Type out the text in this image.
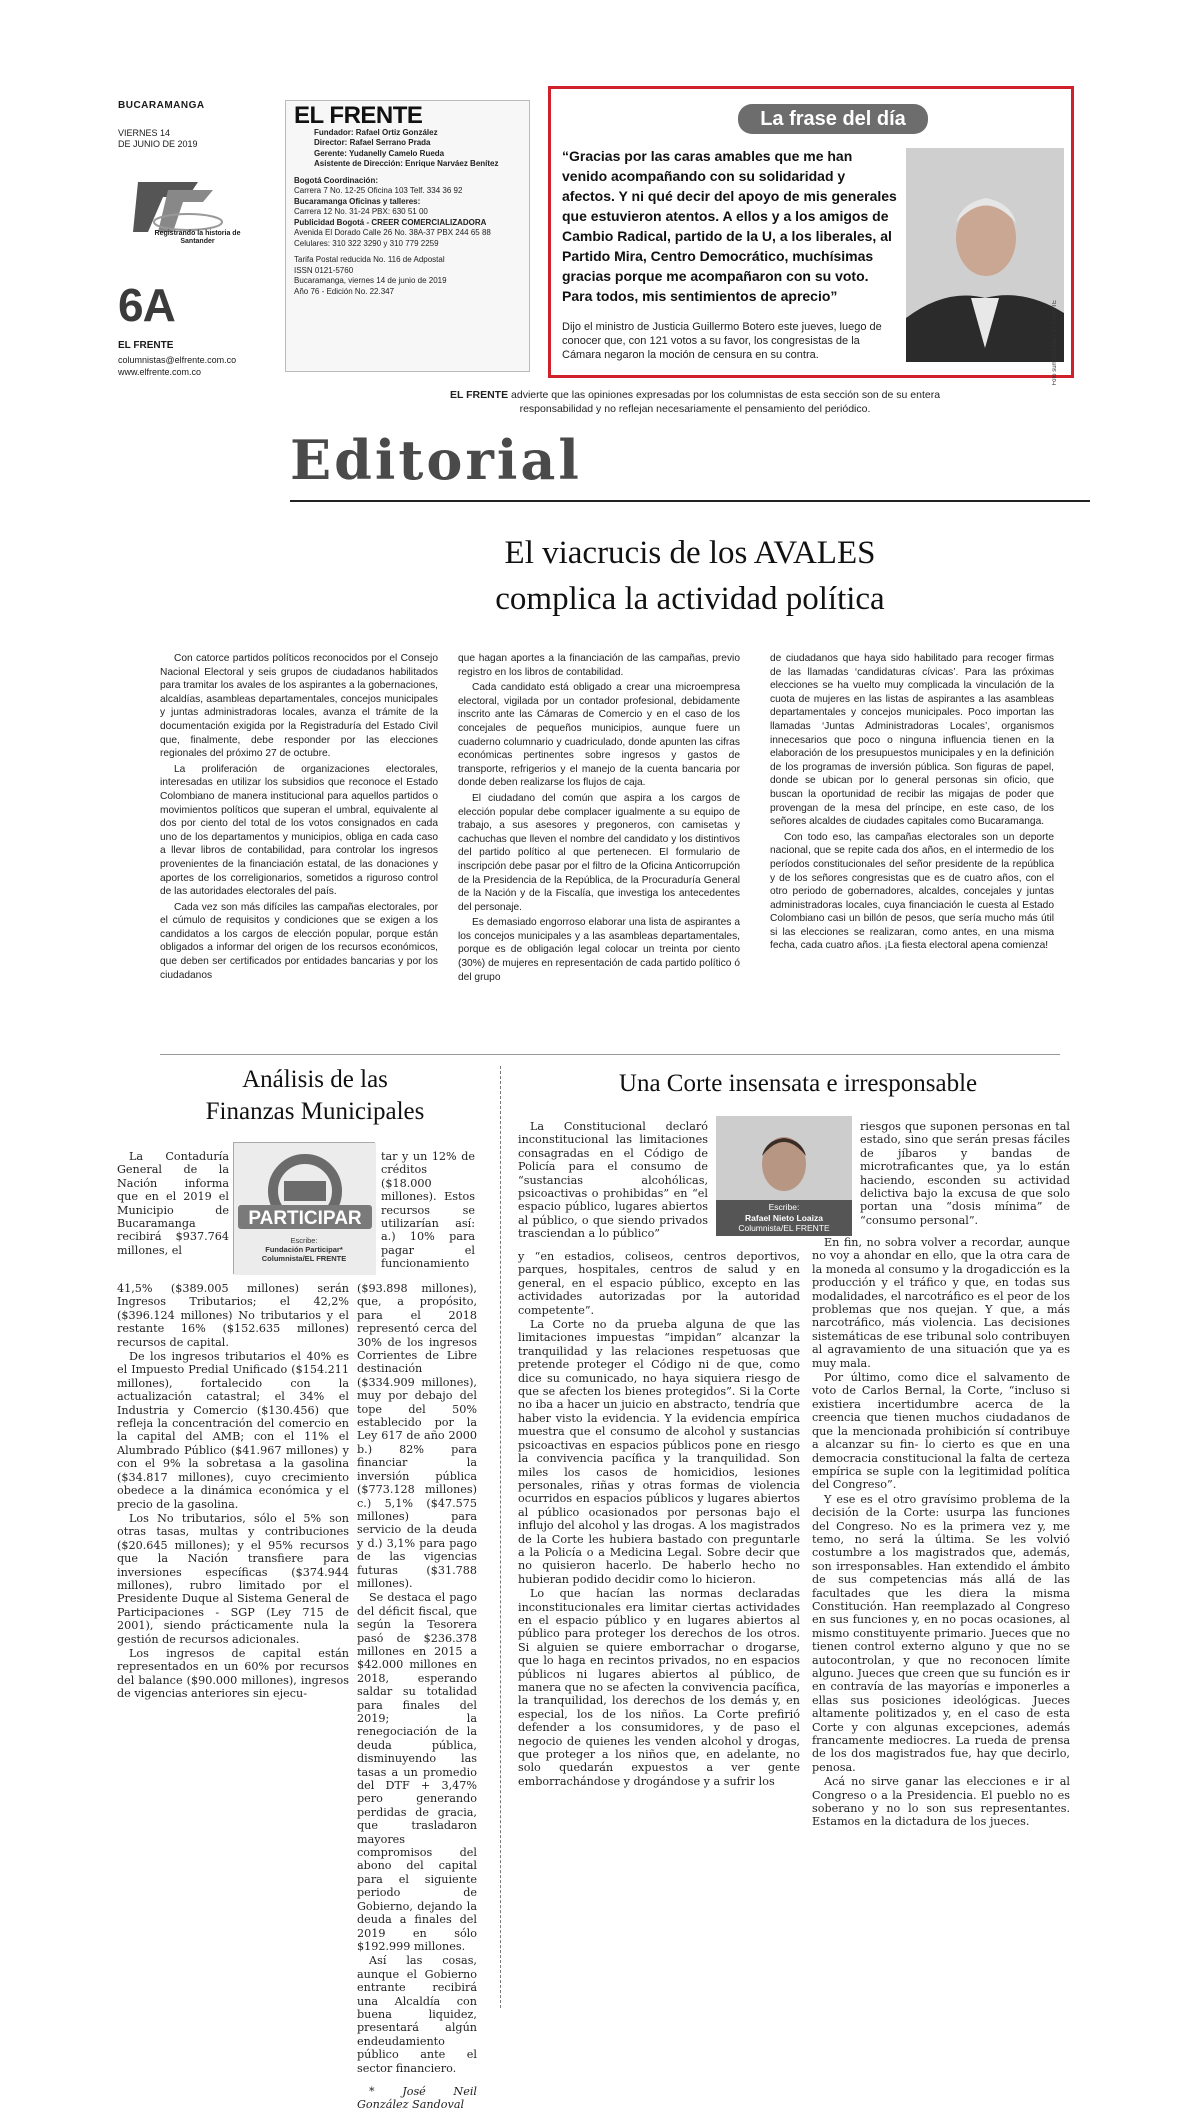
BUCARAMANGA
VIERNES 14
DE JUNIO DE 2019
Registrando la historia de Santander
6A
EL FRENTE
columnistas@elfrente.com.co
www.elfrente.com.co
EL FRENTE
Fundador: Rafael Ortiz González
Director: Rafael Serrano Prada
Gerente: Yudanelly Camelo Rueda
Asistente de Dirección: Enrique Narváez Benítez
Bogotá Coordinación:
Carrera 7 No. 12-25 Oficina 103 Telf. 334 36 92
Bucaramanga Oficinas y talleres:
Carrera 12 No. 31-24 PBX: 630 51 00
Publicidad Bogotá - CREER COMERCIALIZADORA
Avenida El Dorado Calle 26 No. 38A-37 PBX 244 65 88
Celulares: 310 322 3290 y 310 779 2259
Tarifa Postal reducida No. 116 de Adpostal
ISSN 0121-5760
Bucaramanga, viernes 14 de junio de 2019
Año 76 - Edición No. 22.347
La frase del día
“Gracias por las caras amables que me han venido acompañando con su solidaridad y afectos. Y ni qué decir del apoyo de mis generales que estuvieron atentos. A ellos y a los amigos de Cambio Radical, partido de la U, a los liberales, al Partido Mira, Centro Democrático, muchísimas gracias porque me acompañaron con su voto. Para todos, mis sentimientos de aprecio”
Dijo el ministro de Justicia Guillermo Botero este jueves, luego de conocer que, con 121 votos a su favor, los congresistas de la Cámara negaron la moción de censura en su contra.	Foto suministrada / EL FRENTE
EL FRENTE advierte que las opiniones expresadas por los columnistas de esta sección son de su entera responsabilidad y no reflejan necesariamente el pensamiento del periódico.
Editorial
El viacrucis de los AVALES
complica la actividad política

Con catorce partidos políticos reconocidos por el Consejo Nacional Electoral y seis grupos de ciudadanos habilitados para tramitar los avales de los aspirantes a la gobernaciones, alcaldías, asambleas departamentales, concejos municipales y juntas administradoras locales, avanza el trámite de la documentación exigida por la Registraduría del Estado Civil que, finalmente, debe responder por las elecciones regionales del próximo 27 de octubre.

La proliferación de organizaciones electorales, interesadas en utilizar los subsidios que reconoce el Estado Colombiano de manera institucional para aquellos partidos o movimientos políticos que superan el umbral, equivalente al dos por ciento del total de los votos consignados en cada uno de los departamentos y municipios, obliga en cada caso a llevar libros de contabilidad, para controlar los ingresos provenientes de la financiación estatal, de las donaciones y aportes de los correligionarios, sometidos a riguroso control de las autoridades electorales del país.

Cada vez son más difíciles las campañas electorales, por el cúmulo de requisitos y condiciones que se exigen a los candidatos a los cargos de elección popular, porque están obligados a informar del origen de los recursos económicos, que deben ser certificados por entidades bancarias y por los ciudadanos

que hagan aportes a la financiación de las campañas, previo registro en los libros de contabilidad.

Cada candidato está obligado a crear una microempresa electoral, vigilada por un contador profesional, debidamente inscrito ante las Cámaras de Comercio y en el caso de los concejales de pequeños municipios, aunque fuere un cuaderno columnario y cuadriculado, donde apunten las cifras económicas pertinentes sobre ingresos y gastos de transporte, refrigerios y el manejo de la cuenta bancaria por donde deben realizarse los flujos de caja.

El ciudadano del común que aspira a los cargos de elección popular debe complacer igualmente a su equipo de trabajo, a sus asesores y pregoneros, con camisetas y cachuchas que lleven el nombre del candidato y los distintivos del partido político al que pertenecen. El formulario de inscripción debe pasar por el filtro de la Oficina Anticorrupción de la Presidencia de la República, de la Procuraduría General de la Nación y de la Fiscalía, que investiga los antecedentes del personaje.

Es demasiado engorroso elaborar una lista de aspirantes a los concejos municipales y a las asambleas departamentales, porque es de obligación legal colocar un treinta por ciento (30%) de mujeres en representación de cada partido político ó del grupo

de ciudadanos que haya sido habilitado para recoger firmas de las llamadas ‘candidaturas cívicas’. Para las próximas elecciones se ha vuelto muy complicada la vinculación de la cuota de mujeres en las listas de aspirantes a las asambleas departamentales y concejos municipales. Poco importan las llamadas ‘Juntas Administradoras Locales’, organismos innecesarios que poco o ninguna influencia tienen en la elaboración de los presupuestos municipales y en la definición de los programas de inversión pública. Son figuras de papel, donde se ubican por lo general personas sin oficio, que buscan la oportunidad de recibir las migajas de poder que provengan de la mesa del príncipe, en este caso, de los señores alcaldes de ciudades capitales como Bucaramanga.

Con todo eso, las campañas electorales son un deporte nacional, que se repite cada dos años, en el intermedio de los períodos constitucionales del señor presidente de la república y de los señores congresistas que es de cuatro años, con el otro periodo de gobernadores, alcaldes, concejales y juntas administradoras locales, cuya financiación le cuesta al Estado Colombiano casi un billón de pesos, que sería mucho más útil si las elecciones se realizaran, como antes, en una misma fecha, cada cuatro años. ¡La fiesta electoral apena comienza!

Análisis de las
Finanzas Municipales
PARTICIPAR
Escribe:
Fundación Participar*
Columnista/EL FRENTE

La Contaduría General de la Nación informa que en el 2019 el Municipio de Bucaramanga recibirá $937.764 millones, el

41,5% ($389.005 millones) serán Ingresos Tributarios; el 42,2% ($396.124 millones) No tributarios y el restante 16% ($152.635 millones) recursos de capital.

De los ingresos tributarios el 40% es el Impuesto Predial Unificado ($154.211 millones), fortalecido con la actualización catastral; el 34% el Industria y Comercio ($130.456) que refleja la concentración del comercio en la capital del AMB; con el 11% el Alumbrado Público ($41.967 millones) y con el 9% la sobretasa a la gasolina ($34.817 millones), cuyo crecimiento obedece a la dinámica económica y el precio de la gasolina.

Los No tributarios, sólo el 5% son otras tasas, multas y contribuciones ($20.645 millones); y el 95% recursos que la Nación transfiere para inversiones específicas ($374.944 millones), rubro limitado por el Presidente Duque al Sistema General de Participaciones - SGP (Ley 715 de 2001), siendo prácticamente nula la gestión de recursos adicionales.

Los ingresos de capital están representados en un 60% por recursos del balance ($90.000 millones), ingresos de vigencias anteriores sin ejecu-

tar y un 12% de créditos ($18.000 millones). Estos recursos se utilizarían así: a.) 10% para pagar el funcionamiento

Una Corte insensata e irresponsable
Escribe:
Rafael Nieto Loaiza
Columnista/EL FRENTE

La Constitucional declaró inconstitucional las limitaciones consagradas en el Código de Policía para el consumo de “sustancias alcohólicas, psicoactivas o prohibidas” en “el espacio público, lugares abiertos al público, o que siendo privados trasciendan a lo público”

y “en estadios, coliseos, centros deportivos, parques, hospitales, centros de salud y en general, en el espacio público, excepto en las actividades autorizadas por la autoridad competente”.

La Corte no da prueba alguna de que las limitaciones impuestas “impidan” alcanzar la tranquilidad y las relaciones respetuosas que pretende proteger el Código ni de que, como dice su comunicado, no haya siquiera riesgo de que se afecten los bienes protegidos”. Si la Corte no iba a hacer un juicio en abstracto, tendría que haber visto la evidencia. Y la evidencia empírica muestra que el consumo de alcohol y sustancias psicoactivas en espacios públicos pone en riesgo la convivencia pacífica y la tranquilidad. Son miles los casos de homicidios, lesiones personales, riñas y otras formas de violencia ocurridos en espacios públicos y lugares abiertos al público ocasionados por personas bajo el influjo del alcohol y las drogas. A los magistrados de la Corte les hubiera bastado con preguntarle a la Policía o a Medicina Legal. Sobre decir que no quisieron hacerlo. De haberlo hecho no hubieran podido decidir como lo hicieron.

Lo que hacían las normas declaradas inconstitucionales era limitar ciertas actividades en el espacio público y en lugares abiertos al público para proteger los derechos de los otros. Si alguien se quiere emborrachar o drogarse, que lo haga en recintos privados, no en espacios públicos ni lugares abiertos al público, de manera que no se afecten la convivencia pacífica, la tranquilidad, los derechos de los demás y, en especial, los de los niños. La Corte prefirió defender a los consumidores, y de paso el negocio de quienes les venden alcohol y drogas, que proteger a los niños que, en adelante, no solo quedarán expuestos a ver gente emborrachándose y drogándose y a sufrir los

riesgos que suponen personas en tal estado, sino que serán presas fáciles de jíbaros y bandas de microtraficantes que, ya lo están haciendo, esconden su actividad delictiva bajo la excusa de que solo portan una “dosis mínima” de “consumo personal”.

En fin, no sobra volver a recordar, aunque no voy a ahondar en ello, que la otra cara de la moneda al consumo y la drogadicción es la producción y el tráfico y que, en todas sus modalidades, el narcotráfico es el peor de los problemas que nos quejan. Y que, a más narcotráfico, más violencia. Las decisiones sistemáticas de ese tribunal solo contribuyen al agravamiento de una situación que ya es muy mala.

Por último, como dice el salvamento de voto de Carlos Bernal, la Corte, “incluso si existiera incertidumbre acerca de la creencia que tienen muchos ciudadanos de que la mencionada prohibición sí contribuye a alcanzar su fin- lo cierto es que en una democracia constitucional la falta de certeza empírica se suple con la legitimidad política del Congreso”.

Y ese es el otro gravísimo problema de la decisión de la Corte: usurpa las funciones del Congreso. No es la primera vez y, me temo, no será la última. Se les volvió costumbre a los magistrados que, además, son irresponsables. Han extendido el ámbito de sus competencias más allá de las facultades que les diera la misma Constitución. Han reemplazado al Congreso en sus funciones y, en no pocas ocasiones, al mismo constituyente primario. Jueces que no tienen control externo alguno y que no se autocontrolan, y que no reconocen límite alguno. Jueces que creen que su función es ir en contravía de las mayorías e imponerles a ellas sus posiciones ideológicas. Jueces altamente politizados y, en el caso de esta Corte y con algunas excepciones, además francamente mediocres. La rueda de prensa de los dos magistrados fue, hay que decirlo, penosa.

Acá no sirve ganar las elecciones e ir al Congreso o a la Presidencia. El pueblo no es soberano y no lo son sus representantes. Estamos en la dictadura de los jueces.

($93.898 millones), que, a propósito, para el 2018 representó cerca del 30% de los ingresos Corrientes de Libre destinación ($334.909 millones), muy por debajo del tope del 50% establecido por la Ley 617 de año 2000 b.) 82% para financiar la inversión pública ($773.128 millones) c.) 5,1% ($47.575 millones) para servicio de la deuda y d.) 3,1% para pago de las vigencias futuras ($31.788 millones).

Se destaca el pago del déficit fiscal, que según la Tesorera pasó de $236.378 millones en 2015 a $42.000 millones en 2018, esperando saldar su totalidad para finales del 2019; la renegociación de la deuda pública, disminuyendo las tasas a un promedio del DTF + 3,47% pero generando perdidas de gracia, que trasladaron mayores compromisos del abono del capital para el siguiente periodo de Gobierno, dejando la deuda a finales del 2019 en sólo $192.999 millones.

Así las cosas, aunque el Gobierno entrante recibirá una Alcaldía con buena liquidez, presentará algún endeudamiento público ante el sector financiero.

* José Neil González Sandoval
